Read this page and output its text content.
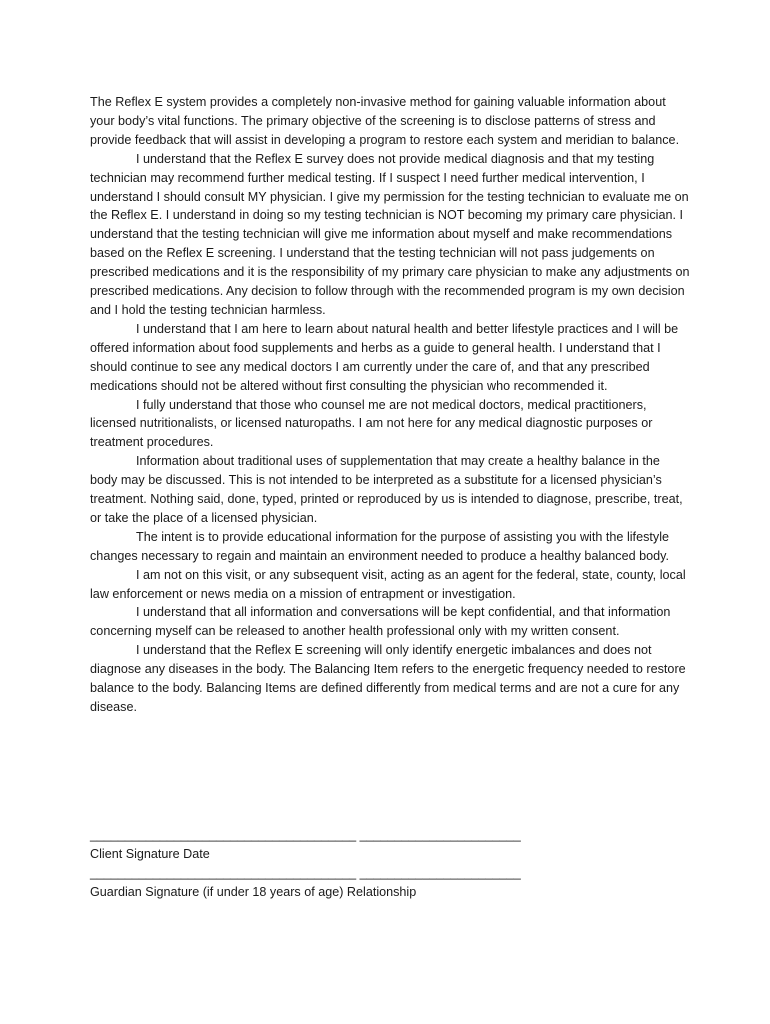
The Reflex E system provides a completely non-invasive method for gaining valuable information about your body’s vital functions. The primary objective of the screening is to disclose patterns of stress and provide feedback that will assist in developing a program to restore each system and meridian to balance.

I understand that the Reflex E survey does not provide medical diagnosis and that my testing technician may recommend further medical testing. If I suspect I need further medical intervention, I understand I should consult MY physician. I give my permission for the testing technician to evaluate me on the Reflex E. I understand in doing so my testing technician is NOT becoming my primary care physician. I understand that the testing technician will give me information about myself and make recommendations based on the Reflex E screening. I understand that the testing technician will not pass judgements on prescribed medications and it is the responsibility of my primary care physician to make any adjustments on prescribed medications. Any decision to follow through with the recommended program is my own decision and I hold the testing technician harmless.

I understand that I am here to learn about natural health and better lifestyle practices and I will be offered information about food supplements and herbs as a guide to general health. I understand that I should continue to see any medical doctors I am currently under the care of, and that any prescribed medications should not be altered without first consulting the physician who recommended it.

I fully understand that those who counsel me are not medical doctors, medical practitioners, licensed nutritionalists, or licensed naturopaths. I am not here for any medical diagnostic purposes or treatment procedures.

Information about traditional uses of supplementation that may create a healthy balance in the body may be discussed. This is not intended to be interpreted as a substitute for a licensed physician’s treatment. Nothing said, done, typed, printed or reproduced by us is intended to diagnose, prescribe, treat, or take the place of a licensed physician.

The intent is to provide educational information for the purpose of assisting you with the lifestyle changes necessary to regain and maintain an environment needed to produce a healthy balanced body.

I am not on this visit, or any subsequent visit, acting as an agent for the federal, state, county, local law enforcement or news media on a mission of entrapment or investigation.

I understand that all information and conversations will be kept confidential, and that information concerning myself can be released to another health professional only with my written consent.

I understand that the Reflex E screening will only identify energetic imbalances and does not diagnose any diseases in the body. The Balancing Item refers to the energetic frequency needed to restore balance to the body. Balancing Items are defined differently from medical terms and are not a cure for any disease.

______________________________________ _______________________

Client Signature Date

______________________________________ _______________________

Guardian Signature (if under 18 years of age) Relationship
